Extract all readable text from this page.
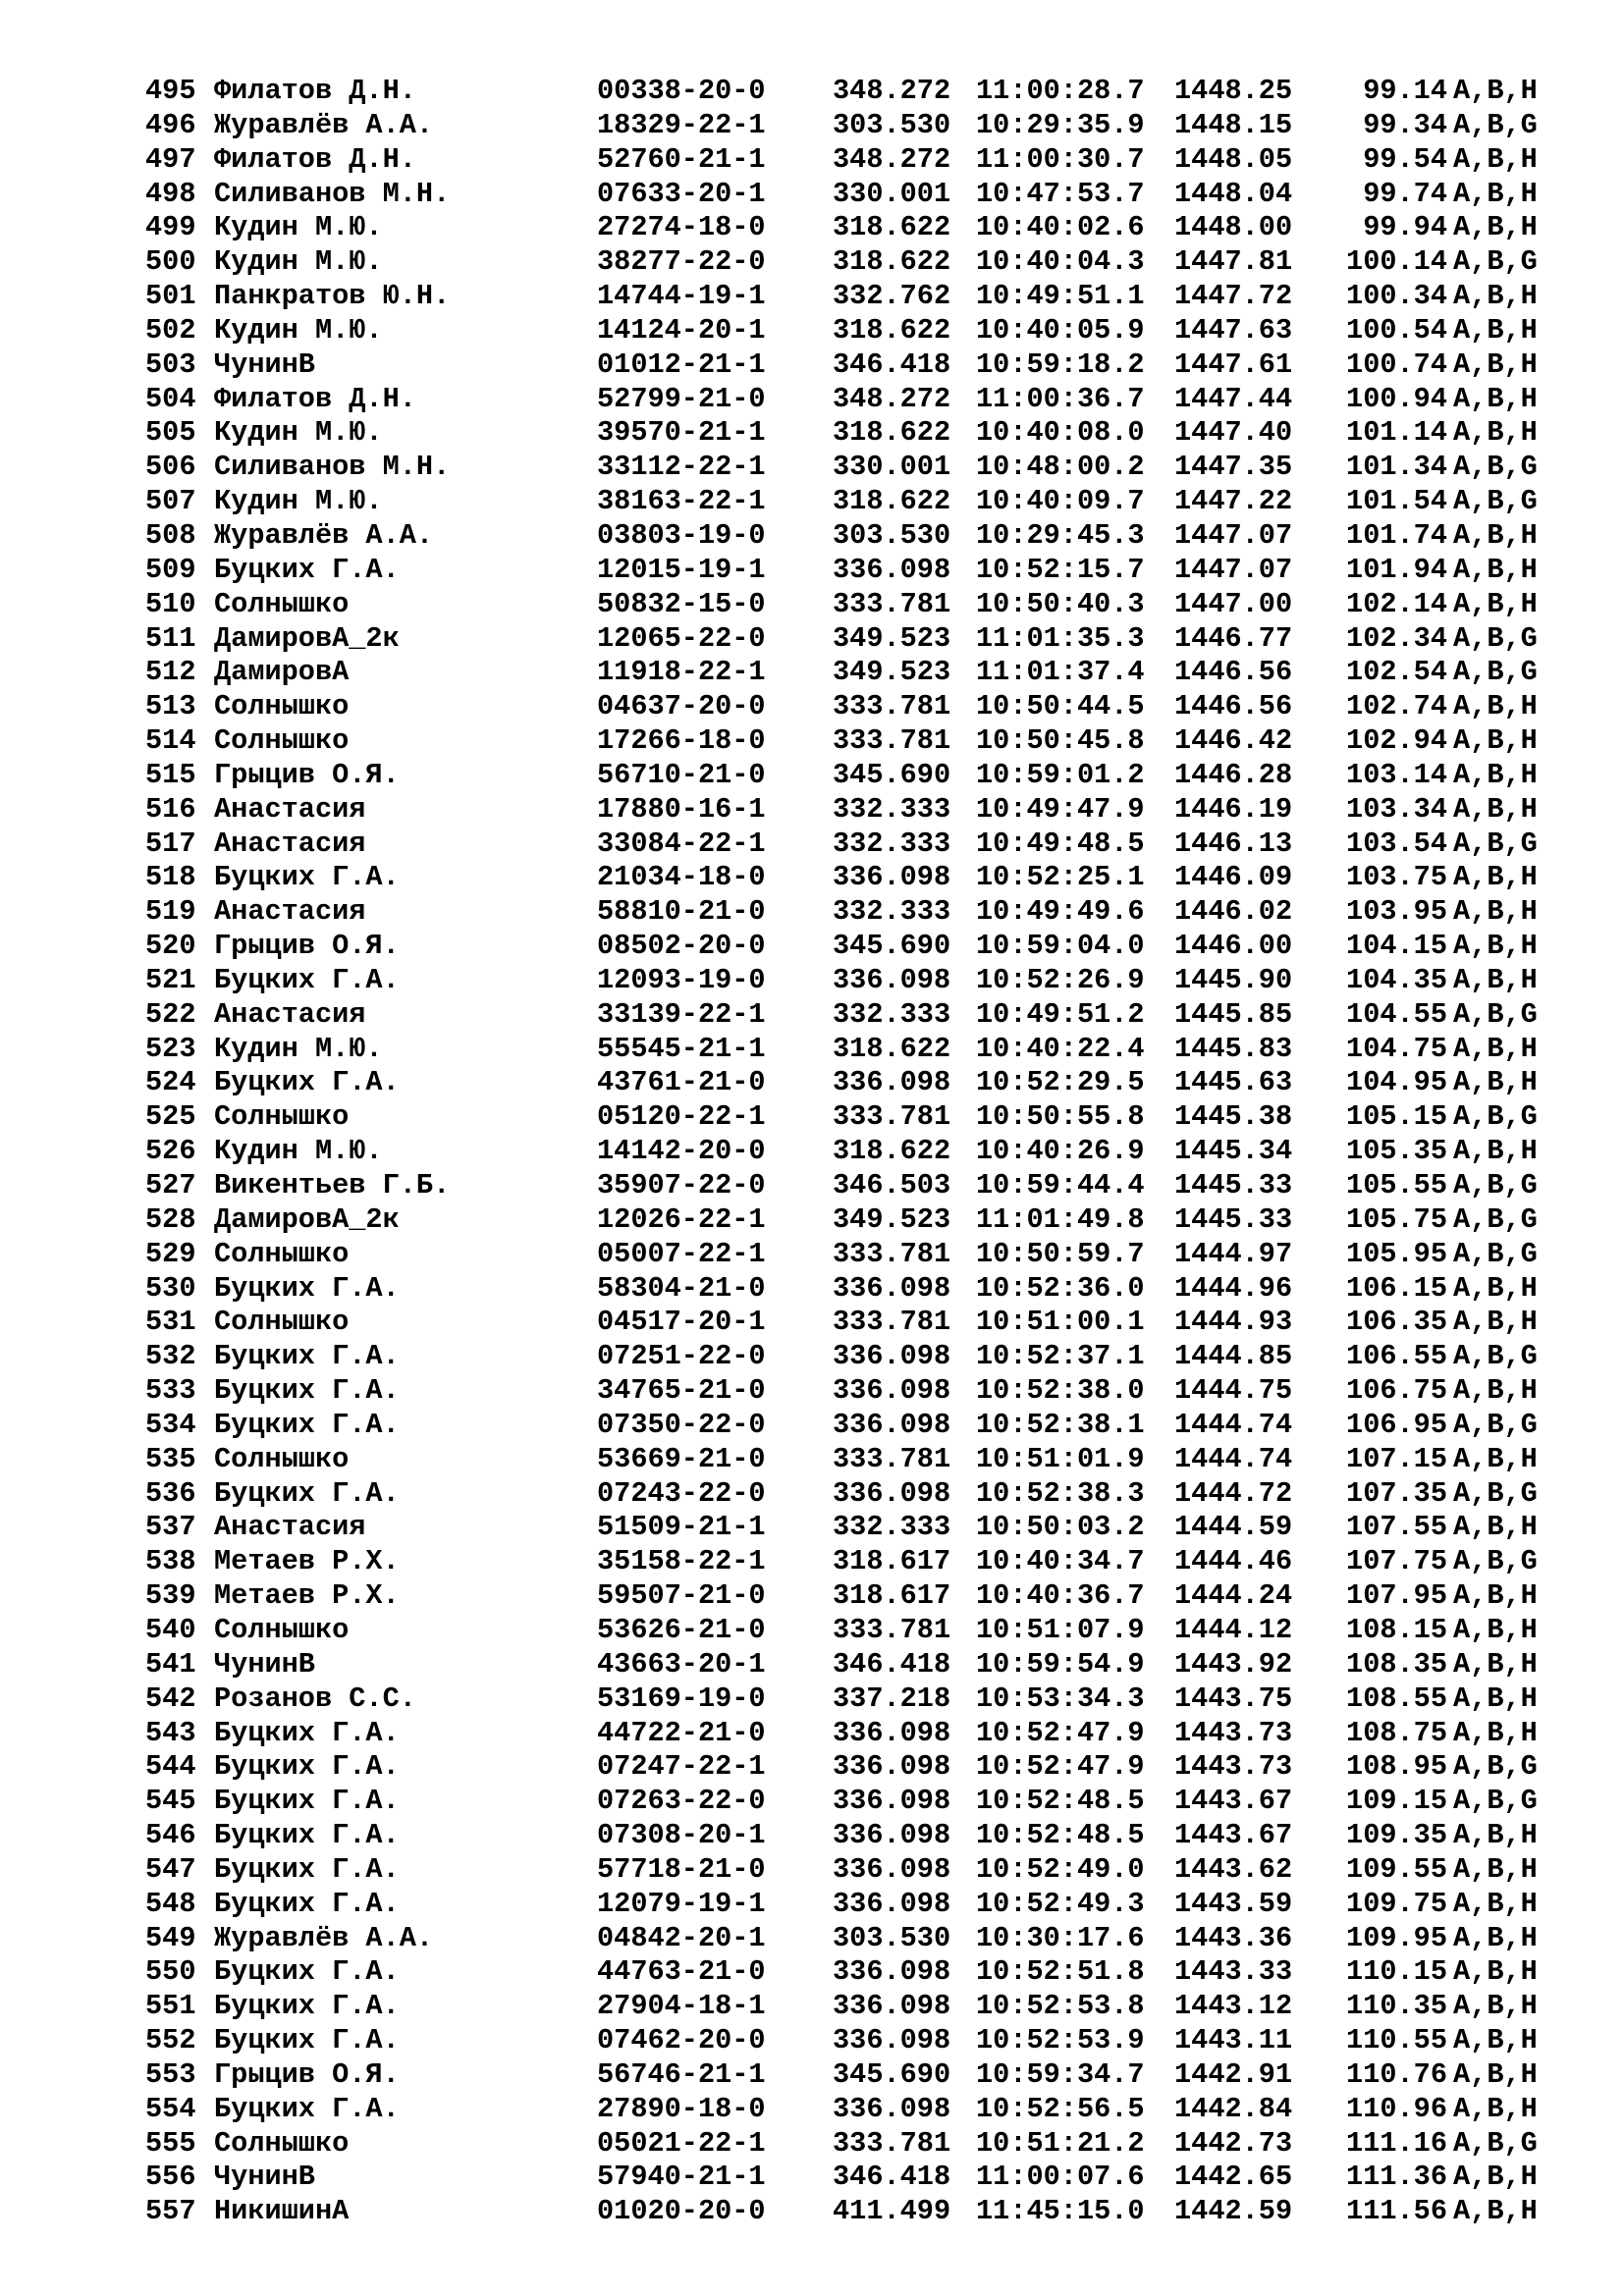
495 Филатов Д.Н.	00338-20-0 348.272 11:00:28.7 1448.25	99.14 A,B,H
496 Журавлёв А.А.	18329-22-1 303.530 10:29:35.9 1448.15	99.34 A,B,G
497 Филатов Д.Н.	52760-21-1 348.272 11:00:30.7 1448.05	99.54 A,B,H
498 Силиванов М.Н.	07633-20-1 330.001 10:47:53.7 1448.04	99.74 A,B,H
499 Кудин М.Ю.	27274-18-0 318.622 10:40:02.6 1448.00	99.94 A,B,H
500 Кудин М.Ю.	38277-22-0 318.622 10:40:04.3 1447.81	100.14 A,B,G
501 Панкратов Ю.Н.	14744-19-1 332.762 10:49:51.1 1447.72	100.34 A,B,H
502 Кудин М.Ю.	14124-20-1 318.622 10:40:05.9 1447.63	100.54 A,B,H
503 ЧунинВ	01012-21-1 346.418 10:59:18.2 1447.61	100.74 A,B,H
504 Филатов Д.Н.	52799-21-0 348.272 11:00:36.7 1447.44	100.94 A,B,H
505 Кудин М.Ю.	39570-21-1 318.622 10:40:08.0 1447.40	101.14 A,B,H
506 Силиванов М.Н.	33112-22-1 330.001 10:48:00.2 1447.35	101.34 A,B,G
507 Кудин М.Ю.	38163-22-1 318.622 10:40:09.7 1447.22	101.54 A,B,G
508 Журавлёв А.А.	03803-19-0 303.530 10:29:45.3 1447.07	101.74 A,B,H
509 Буцких Г.А.	12015-19-1 336.098 10:52:15.7 1447.07	101.94 A,B,H
510 Солнышко	50832-15-0 333.781 10:50:40.3 1447.00	102.14 A,B,H
511 ДамировА_2к	12065-22-0 349.523 11:01:35.3 1446.77	102.34 A,B,G
512 ДамировА	11918-22-1 349.523 11:01:37.4 1446.56	102.54 A,B,G
513 Солнышко	04637-20-0 333.781 10:50:44.5 1446.56	102.74 A,B,H
514 Солнышко	17266-18-0 333.781 10:50:45.8 1446.42	102.94 A,B,H
515 Грыцив О.Я.	56710-21-0 345.690 10:59:01.2 1446.28	103.14 A,B,H
516 Анастасия	17880-16-1 332.333 10:49:47.9 1446.19	103.34 A,B,H
517 Анастасия	33084-22-1 332.333 10:49:48.5 1446.13	103.54 A,B,G
518 Буцких Г.А.	21034-18-0 336.098 10:52:25.1 1446.09	103.75 A,B,H
519 Анастасия	58810-21-0 332.333 10:49:49.6 1446.02	103.95 A,B,H
520 Грыцив О.Я.	08502-20-0 345.690 10:59:04.0 1446.00	104.15 A,B,H
521 Буцких Г.А.	12093-19-0 336.098 10:52:26.9 1445.90	104.35 A,B,H
522 Анастасия	33139-22-1 332.333 10:49:51.2 1445.85	104.55 A,B,G
523 Кудин М.Ю.	55545-21-1 318.622 10:40:22.4 1445.83	104.75 A,B,H
524 Буцких Г.А.	43761-21-0 336.098 10:52:29.5 1445.63	104.95 A,B,H
525 Солнышко	05120-22-1 333.781 10:50:55.8 1445.38	105.15 A,B,G
526 Кудин М.Ю.	14142-20-0 318.622 10:40:26.9 1445.34	105.35 A,B,H
527 Викентьев Г.Б.	35907-22-0 346.503 10:59:44.4 1445.33	105.55 A,B,G
528 ДамировА_2к	12026-22-1 349.523 11:01:49.8 1445.33	105.75 A,B,G
529 Солнышко	05007-22-1 333.781 10:50:59.7 1444.97	105.95 A,B,G
530 Буцких Г.А.	58304-21-0 336.098 10:52:36.0 1444.96	106.15 A,B,H
531 Солнышко	04517-20-1 333.781 10:51:00.1 1444.93	106.35 A,B,H
532 Буцких Г.А.	07251-22-0 336.098 10:52:37.1 1444.85	106.55 A,B,G
533 Буцких Г.А.	34765-21-0 336.098 10:52:38.0 1444.75	106.75 A,B,H
534 Буцких Г.А.	07350-22-0 336.098 10:52:38.1 1444.74	106.95 A,B,G
535 Солнышко	53669-21-0 333.781 10:51:01.9 1444.74	107.15 A,B,H
536 Буцких Г.А.	07243-22-0 336.098 10:52:38.3 1444.72	107.35 A,B,G
537 Анастасия	51509-21-1 332.333 10:50:03.2 1444.59	107.55 A,B,H
538 Метаев Р.Х.	35158-22-1 318.617 10:40:34.7 1444.46	107.75 A,B,G
539 Метаев Р.Х.	59507-21-0 318.617 10:40:36.7 1444.24	107.95 A,B,H
540 Солнышко	53626-21-0 333.781 10:51:07.9 1444.12	108.15 A,B,H
541 ЧунинВ	43663-20-1 346.418 10:59:54.9 1443.92	108.35 A,B,H
542 Розанов С.С.	53169-19-0 337.218 10:53:34.3 1443.75	108.55 A,B,H
543 Буцких Г.А.	44722-21-0 336.098 10:52:47.9 1443.73	108.75 A,B,H
544 Буцких Г.А.	07247-22-1 336.098 10:52:47.9 1443.73	108.95 A,B,G
545 Буцких Г.А.	07263-22-0 336.098 10:52:48.5 1443.67	109.15 A,B,G
546 Буцких Г.А.	07308-20-1 336.098 10:52:48.5 1443.67	109.35 A,B,H
547 Буцких Г.А.	57718-21-0 336.098 10:52:49.0 1443.62	109.55 A,B,H
548 Буцких Г.А.	12079-19-1 336.098 10:52:49.3 1443.59	109.75 A,B,H
549 Журавлёв А.А.	04842-20-1 303.530 10:30:17.6 1443.36	109.95 A,B,H
550 Буцких Г.А.	44763-21-0 336.098 10:52:51.8 1443.33	110.15 A,B,H
551 Буцких Г.А.	27904-18-1 336.098 10:52:53.8 1443.12	110.35 A,B,H
552 Буцких Г.А.	07462-20-0 336.098 10:52:53.9 1443.11	110.55 A,B,H
553 Грыцив О.Я.	56746-21-1 345.690 10:59:34.7 1442.91	110.76 A,B,H
554 Буцких Г.А.	27890-18-0 336.098 10:52:56.5 1442.84	110.96 A,B,H
555 Солнышко	05021-22-1 333.781 10:51:21.2 1442.73	111.16 A,B,G
556 ЧунинВ	57940-21-1 346.418 11:00:07.6 1442.65	111.36 A,B,H
557 НикишинА	01020-20-0 411.499 11:45:15.0 1442.59	111.56 A,B,H
